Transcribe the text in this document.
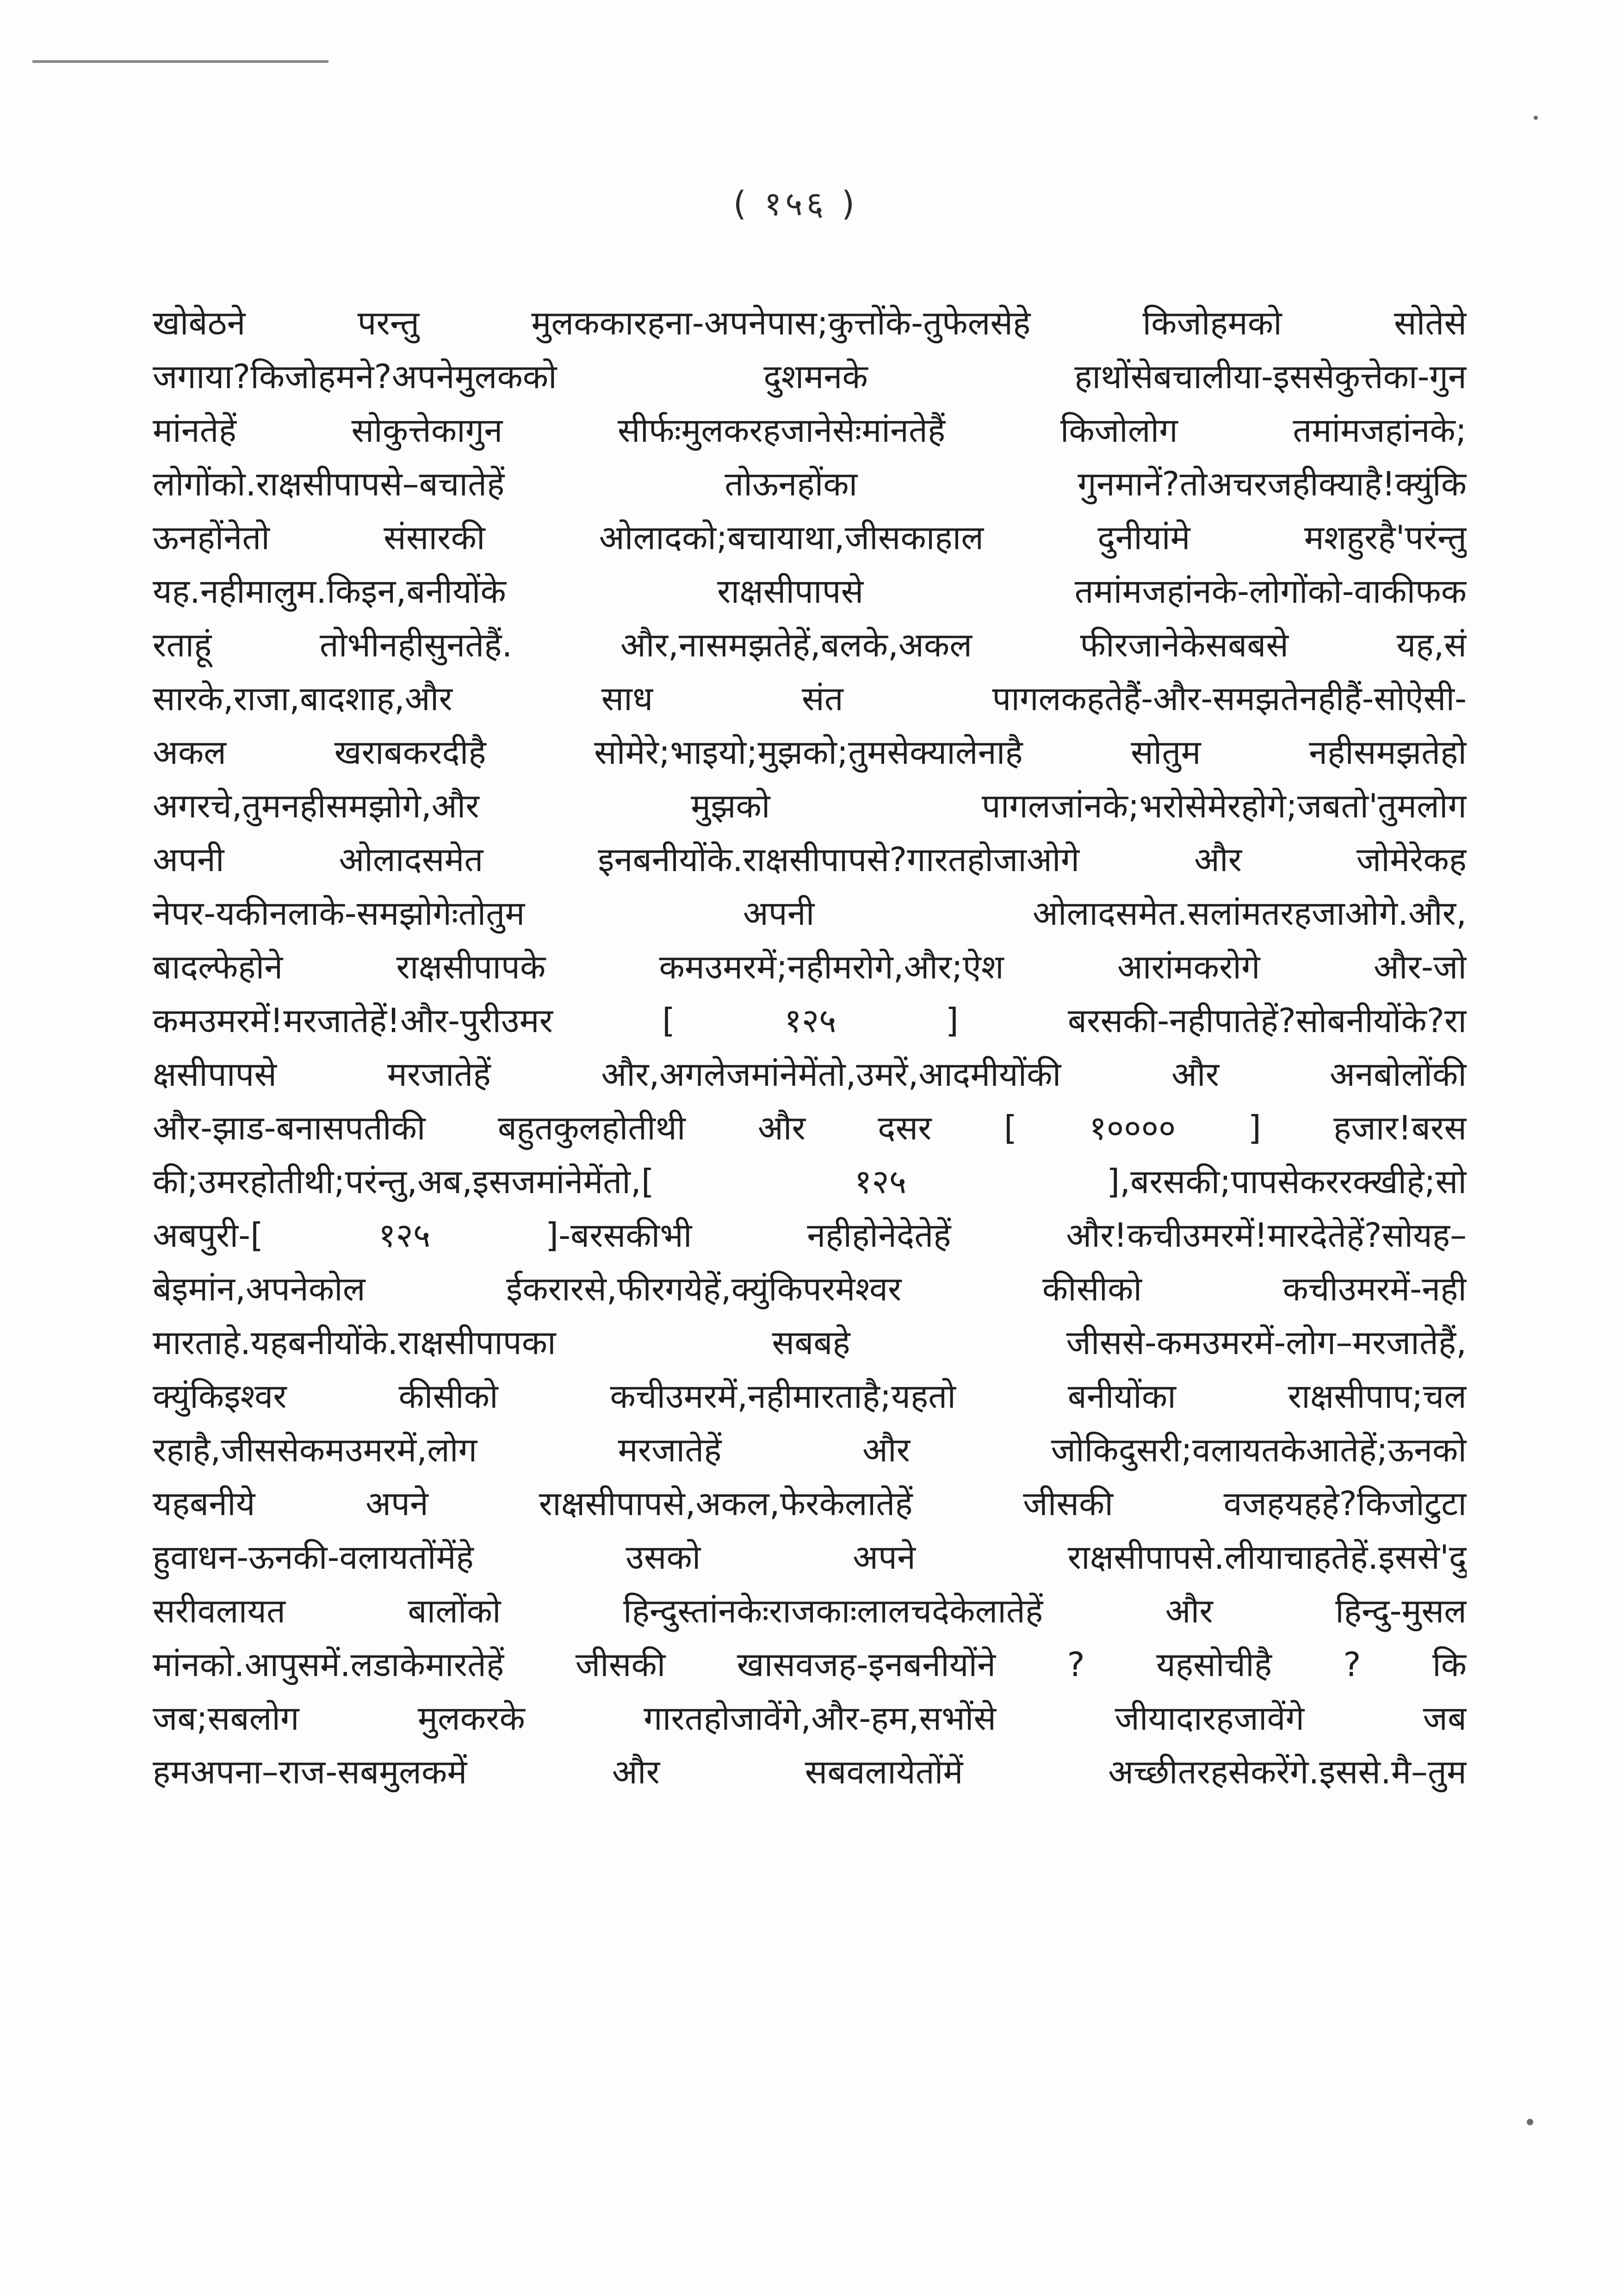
( १५६ )
खोबेठने परन्तु मुलककारहना-अपनेपास;कुत्तोंके-तुफेलसेहे किजोहमको सोतेसे
जगाया?किजोहमने?अपनेमुलकको दुशमनके हाथोंसेबचालीया-इससेकुत्तेका-गुन
मांनतेहें सोकुत्तेकागुन सीर्फःमुलकरहजानेसेःमांनतेहैं किजोलोग तमांमजहांनके;
लोगोंको.राक्षसीपापसे–बचातेहें तोऊनहोंका गुनमानें?तोअचरजहीक्याहै!क्युंकि
ऊनहोंनेतो संसारकी ओलादको;बचायाथा,जीसकाहाल दुनीयांमे मशहुरहै'परंन्तु
यह.नहीमालुम.किइन,बनीयोंके राक्षसीपापसे तमांमजहांनके-लोगोंको-वाकीफक
रताहूं तोभीनहीसुनतेहैं. और,नासमझतेहें,बलके,अकल फीरजानेकेसबबसे यह,सं
सारके,राजा,बादशाह,और साध संत पागलकहतेहैं-और-समझतेनहीहैं-सोऐसी-
अकल खराबकरदीहै सोमेरे;भाइयो;मुझको;तुमसेक्यालेनाहै सोतुम नहीसमझतेहो
अगरचे,तुमनहीसमझोगे,और मुझको पागलजांनके;भरोसेमेरहोगे;जबतो'तुमलोग
अपनी ओलादसमेत इनबनीयोंके.राक्षसीपापसे?गारतहोजाओगे और जोमेरेकह
नेपर-यकीनलाके-समझोगेःतोतुम अपनी ओलादसमेत.सलांमतरहजाओगे.और,
बादल्फेहोने राक्षसीपापके कमउमरमें;नहीमरोगे,और;ऐश आरांमकरोगे और-जो
कमउमरमें!मरजातेहें!और-पुरीउमर [ १२५ ] बरसकी-नहीपातेहें?सोबनीयोंके?रा
क्षसीपापसे मरजातेहें और,अगलेजमांनेमेंतो,उमरें,आदमीयोंकी और अनबोलोंकी
और-झाड-बनासपतीकी बहुतकुलहोतीथी और दसर [ १०००० ] हजार!बरस
की;उमरहोतीथी;परंन्तु,अब,इसजमांनेमेंतो,[ १२५ ],बरसकी;पापसेकररक्खीहे;सो
अबपुरी-[ १२५ ]-बरसकीभी नहीहोनेदेतेहें और!कचीउमरमें!मारदेतेहें?सोयह–
बेइमांन,अपनेकोल ईकरारसे,फीरगयेहें,क्युंकिपरमेश्वर कीसीको कचीउमरमें-नही
मारताहे.यहबनीयोंके.राक्षसीपापका सबबहे जीससे-कमउमरमें-लोग–मरजातेहैं,
क्युंकिइश्वर कीसीको कचीउमरमें,नहीमारताहै;यहतो बनीयोंका राक्षसीपाप;चल
रहाहै,जीससेकमउमरमें,लोग मरजातेहें और जोकिदुसरी;वलायतकेआतेहें;ऊनको
यहबनीये अपने राक्षसीपापसे,अकल,फेरकेलातेहें जीसकी वजहयहहे?किजोटुटा
हुवाधन-ऊनकी-वलायतोंमेंहे उसको अपने राक्षसीपापसे.लीयाचाहतेहें.इससे'दु
सरीवलायत बालोंको हिन्दुस्तांनकेःराजकाःलालचदेकेलातेहें और हिन्दु-मुसल
मांनको.आपुसमें.लडाकेमारतेहें जीसकी खासवजह-इनबनीयोंने ? यहसोचीहै ? कि
जब;सबलोग मुलकरके गारतहोजावेंगे,और-हम,सभोंसे जीयादारहजावेंगे जब
हमअपना–राज-सबमुलकमें और सबवलायेतोंमें अच्छीतरहसेकरेंगे.इससे.मै–तुम
